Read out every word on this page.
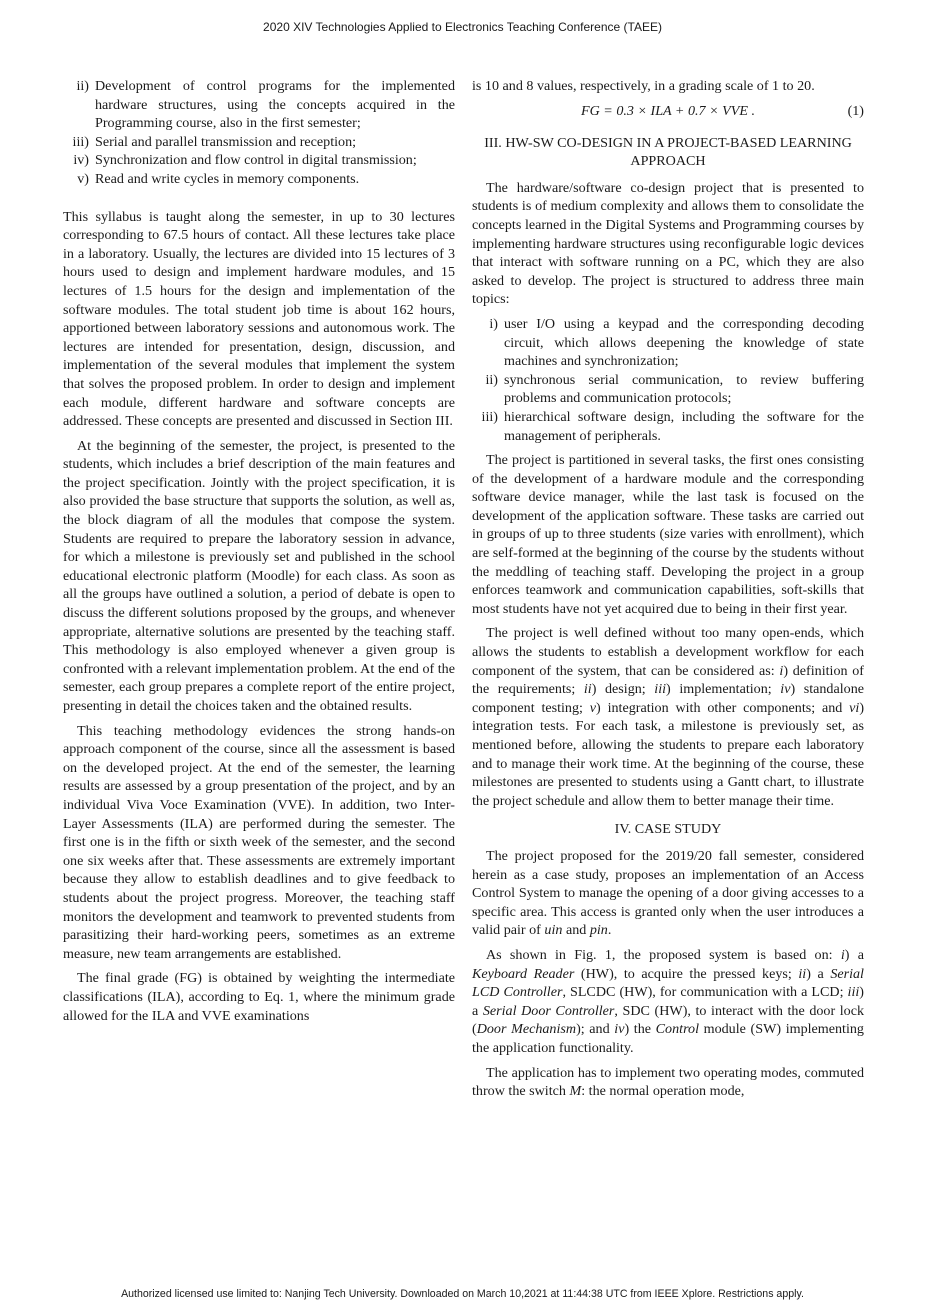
2020 XIV Technologies Applied to Electronics Teaching Conference (TAEE)
ii) Development of control programs for the implemented hardware structures, using the concepts acquired in the Programming course, also in the first semester;
iii) Serial and parallel transmission and reception;
iv) Synchronization and flow control in digital transmission;
v) Read and write cycles in memory components.

This syllabus is taught along the semester, in up to 30 lectures corresponding to 67.5 hours of contact. All these lectures take place in a laboratory. Usually, the lectures are divided into 15 lectures of 3 hours used to design and implement hardware modules, and 15 lectures of 1.5 hours for the design and implementation of the software modules. The total student job time is about 162 hours, apportioned between laboratory sessions and autonomous work. The lectures are intended for presentation, design, discussion, and implementation of the several modules that implement the system that solves the proposed problem. In order to design and implement each module, different hardware and software concepts are addressed. These concepts are presented and discussed in Section III.

At the beginning of the semester, the project, is presented to the students, which includes a brief description of the main features and the project specification. Jointly with the project specification, it is also provided the base structure that supports the solution, as well as, the block diagram of all the modules that compose the system. Students are required to prepare the laboratory session in advance, for which a milestone is previously set and published in the school educational electronic platform (Moodle) for each class. As soon as all the groups have outlined a solution, a period of debate is open to discuss the different solutions proposed by the groups, and whenever appropriate, alternative solutions are presented by the teaching staff. This methodology is also employed whenever a given group is confronted with a relevant implementation problem. At the end of the semester, each group prepares a complete report of the entire project, presenting in detail the choices taken and the obtained results.

This teaching methodology evidences the strong hands-on approach component of the course, since all the assessment is based on the developed project. At the end of the semester, the learning results are assessed by a group presentation of the project, and by an individual Viva Voce Examination (VVE). In addition, two Inter-Layer Assessments (ILA) are performed during the semester. The first one is in the fifth or sixth week of the semester, and the second one six weeks after that. These assessments are extremely important because they allow to establish deadlines and to give feedback to students about the project progress. Moreover, the teaching staff monitors the development and teamwork to prevented students from parasitizing their hard-working peers, sometimes as an extreme measure, new team arrangements are established.

The final grade (FG) is obtained by weighting the intermediate classifications (ILA), according to Eq. 1, where the minimum grade allowed for the ILA and VVE examinations

is 10 and 8 values, respectively, in a grading scale of 1 to 20.

FG = 0.3 × ILA + 0.7 × VVE .	(1)
III. HW-SW CO-DESIGN IN A PROJECT-BASED LEARNING APPROACH

The hardware/software co-design project that is presented to students is of medium complexity and allows them to consolidate the concepts learned in the Digital Systems and Programming courses by implementing hardware structures using reconfigurable logic devices that interact with software running on a PC, which they are also asked to develop. The project is structured to address three main topics:

i) user I/O using a keypad and the corresponding decoding circuit, which allows deepening the knowledge of state machines and synchronization;
ii) synchronous serial communication, to review buffering problems and communication protocols;
iii) hierarchical software design, including the software for the management of peripherals.

The project is partitioned in several tasks, the first ones consisting of the development of a hardware module and the corresponding software device manager, while the last task is focused on the development of the application software. These tasks are carried out in groups of up to three students (size varies with enrollment), which are self-formed at the beginning of the course by the students without the meddling of teaching staff. Developing the project in a group enforces teamwork and communication capabilities, soft-skills that most students have not yet acquired due to being in their first year.

The project is well defined without too many open-ends, which allows the students to establish a development workflow for each component of the system, that can be considered as: i) definition of the requirements; ii) design; iii) implementation; iv) standalone component testing; v) integration with other components; and vi) integration tests. For each task, a milestone is previously set, as mentioned before, allowing the students to prepare each laboratory and to manage their work time. At the beginning of the course, these milestones are presented to students using a Gantt chart, to illustrate the project schedule and allow them to better manage their time.

IV. CASE STUDY

The project proposed for the 2019/20 fall semester, considered herein as a case study, proposes an implementation of an Access Control System to manage the opening of a door giving accesses to a specific area. This access is granted only when the user introduces a valid pair of uin and pin.

As shown in Fig. 1, the proposed system is based on: i) a Keyboard Reader (HW), to acquire the pressed keys; ii) a Serial LCD Controller, SLCDC (HW), for communication with a LCD; iii) a Serial Door Controller, SDC (HW), to interact with the door lock (Door Mechanism); and iv) the Control module (SW) implementing the application functionality.

The application has to implement two operating modes, commuted throw the switch M: the normal operation mode,

Authorized licensed use limited to: Nanjing Tech University. Downloaded on March 10,2021 at 11:44:38 UTC from IEEE Xplore. Restrictions apply.
